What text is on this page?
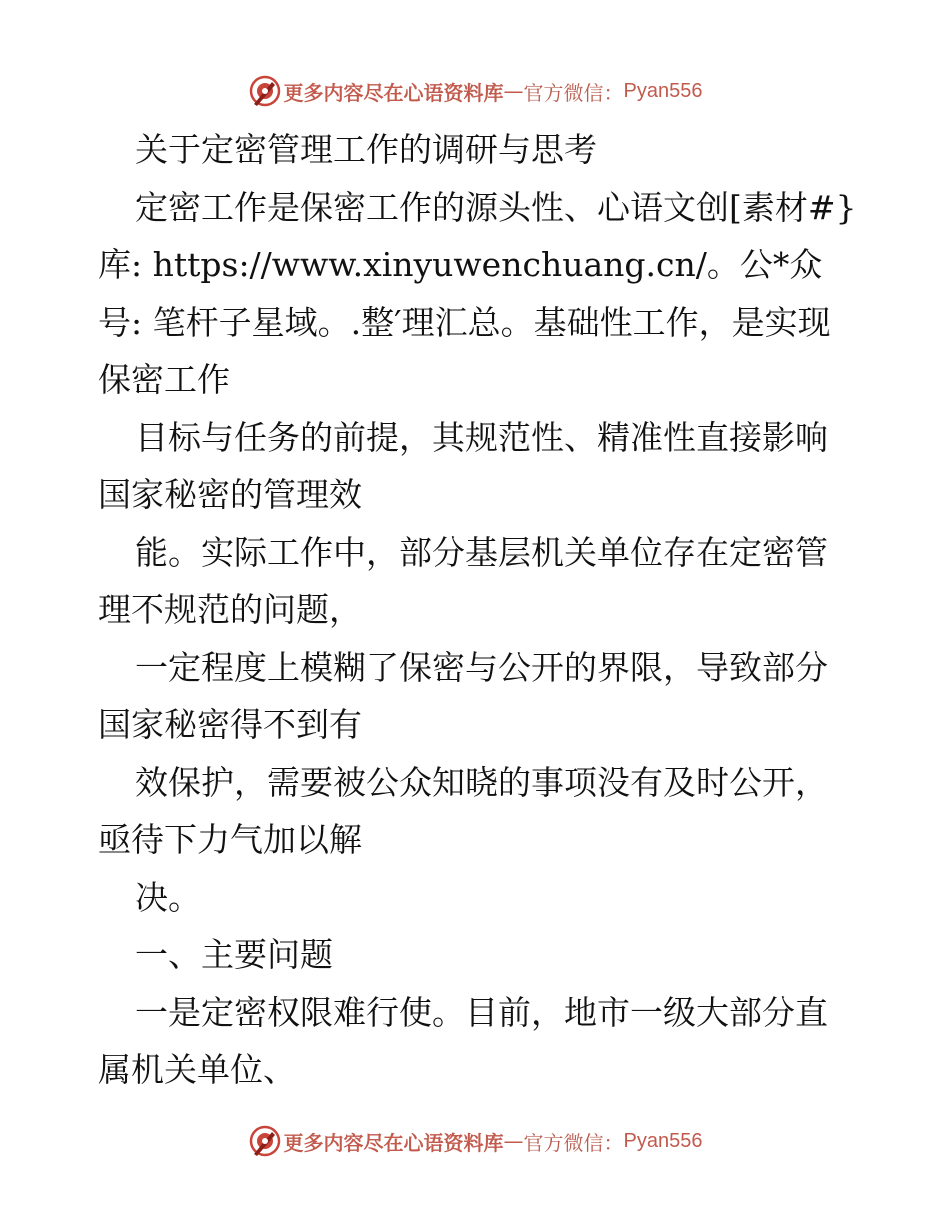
更多内容尽在心语资料库 — 官方微信： Pyan556

关于定密管理工作的调研与思考

定密工作是保密工作的源头性、心语文创[素材#}库: https://www.xinyuwenchuang.cn/。公*众号: 笔杆子星域。.整′理汇总。基础性工作，是实现保密工作

目标与任务的前提，其规范性、精准性直接影响国家秘密的管理效

能。实际工作中，部分基层机关单位存在定密管理不规范的问题，

一定程度上模糊了保密与公开的界限，导致部分国家秘密得不到有

效保护，需要被公众知晓的事项没有及时公开，亟待下力气加以解

决。

一、主要问题

一是定密权限难行使。目前，地市一级大部分直属机关单位、

更多内容尽在心语资料库 — 官方微信： Pyan556
